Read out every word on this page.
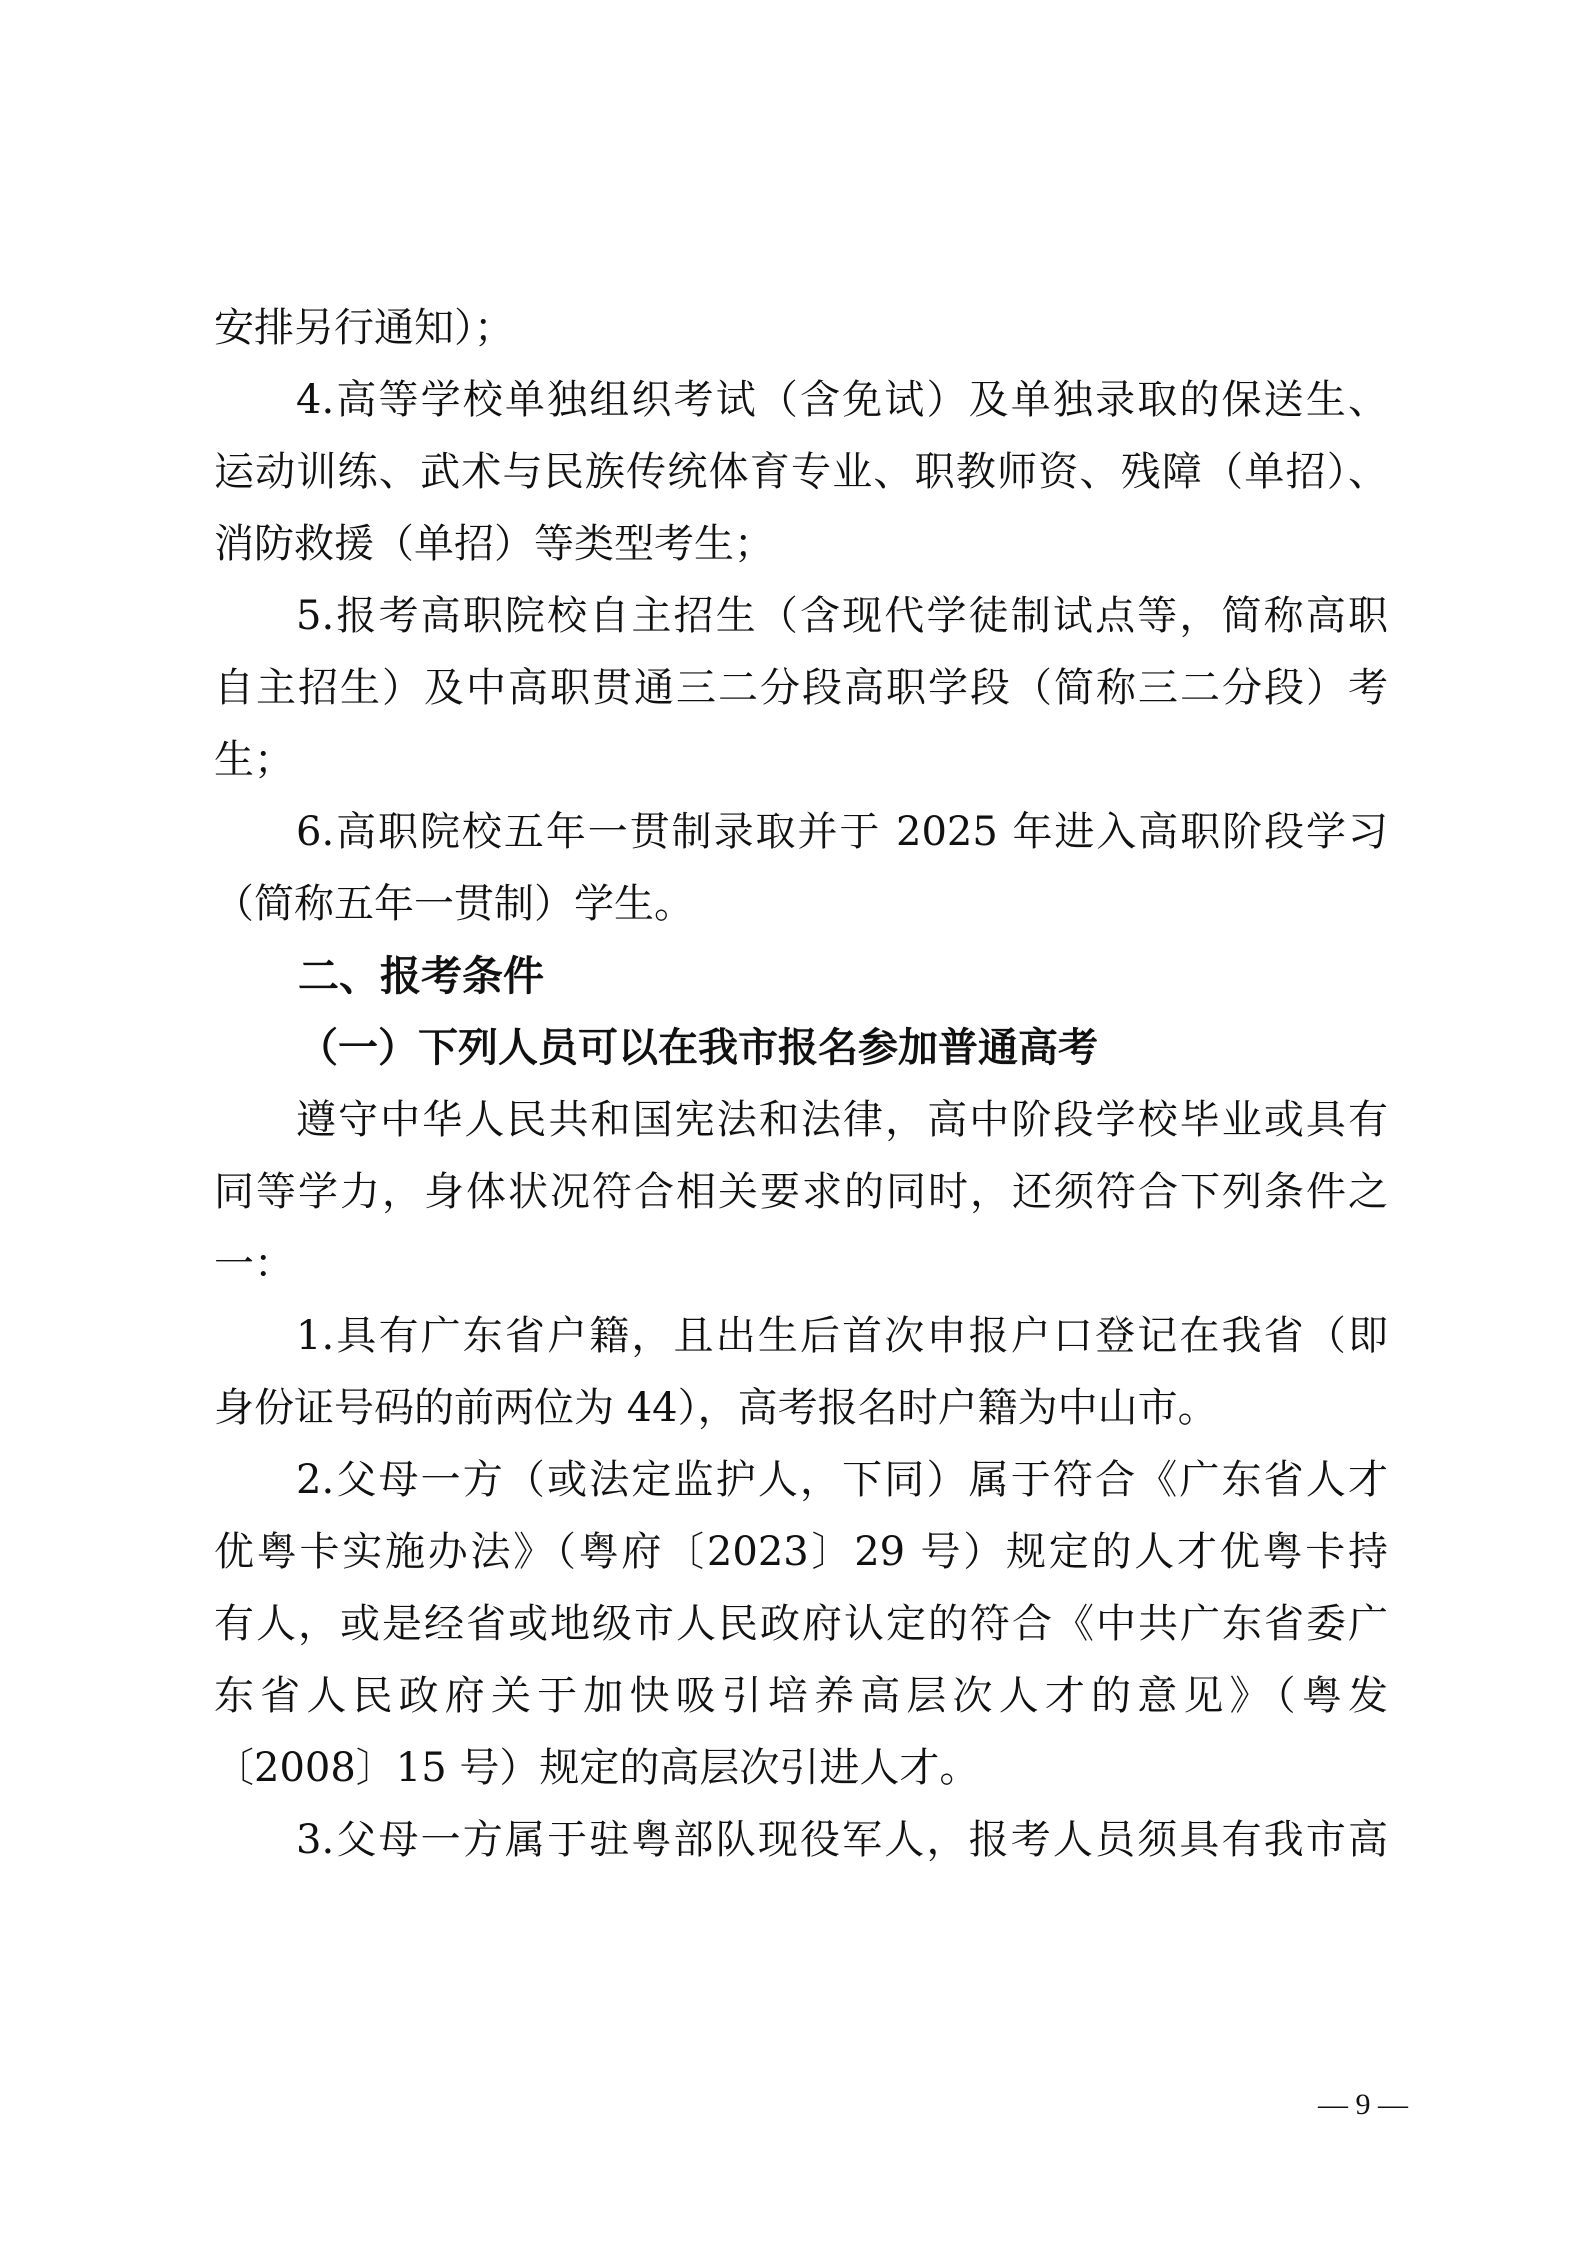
安排另行通知）；
4.高等学校单独组织考试（含免试）及单独录取的保送生、
运动训练、武术与民族传统体育专业、职教师资、残障（单招）、
消防救援（单招）等类型考生；
5.报考高职院校自主招生（含现代学徒制试点等，简称高职
自主招生）及中高职贯通三二分段高职学段（简称三二分段）考
生；
6.高职院校五年一贯制录取并于 2025 年进入高职阶段学习
（简称五年一贯制）学生。
二、报考条件
（一）下列人员可以在我市报名参加普通高考
遵守中华人民共和国宪法和法律，高中阶段学校毕业或具有
同等学力，身体状况符合相关要求的同时，还须符合下列条件之
一：
1.具有广东省户籍，且出生后首次申报户口登记在我省（即
身份证号码的前两位为 44），高考报名时户籍为中山市。
2.父母一方（或法定监护人，下同）属于符合《广东省人才
优粤卡实施办法》（粤府〔2023〕29 号）规定的人才优粤卡持
有人，或是经省或地级市人民政府认定的符合《中共广东省委广
东省人民政府关于加快吸引培养高层次人才的意见》（粤发
〔2008〕15 号）规定的高层次引进人才。
3.父母一方属于驻粤部队现役军人，报考人员须具有我市高
— 9 —
